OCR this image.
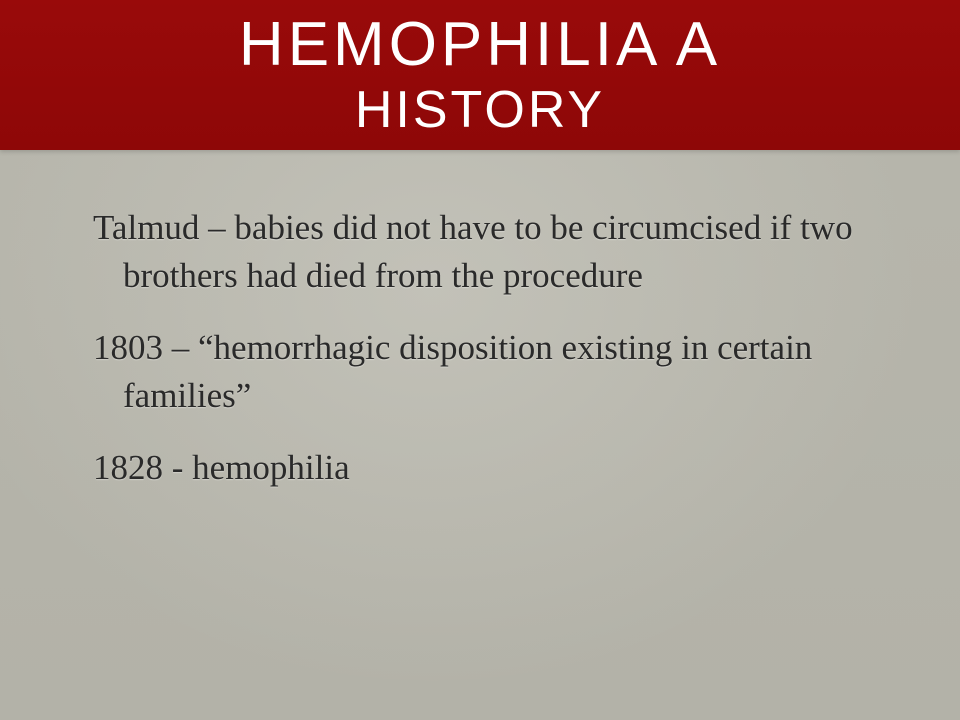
HEMOPHILIA A
HISTORY

Talmud – babies did not have to be circumcised if two brothers had died from the procedure

1803 – “hemorrhagic disposition existing in certain families”

1828 - hemophilia
